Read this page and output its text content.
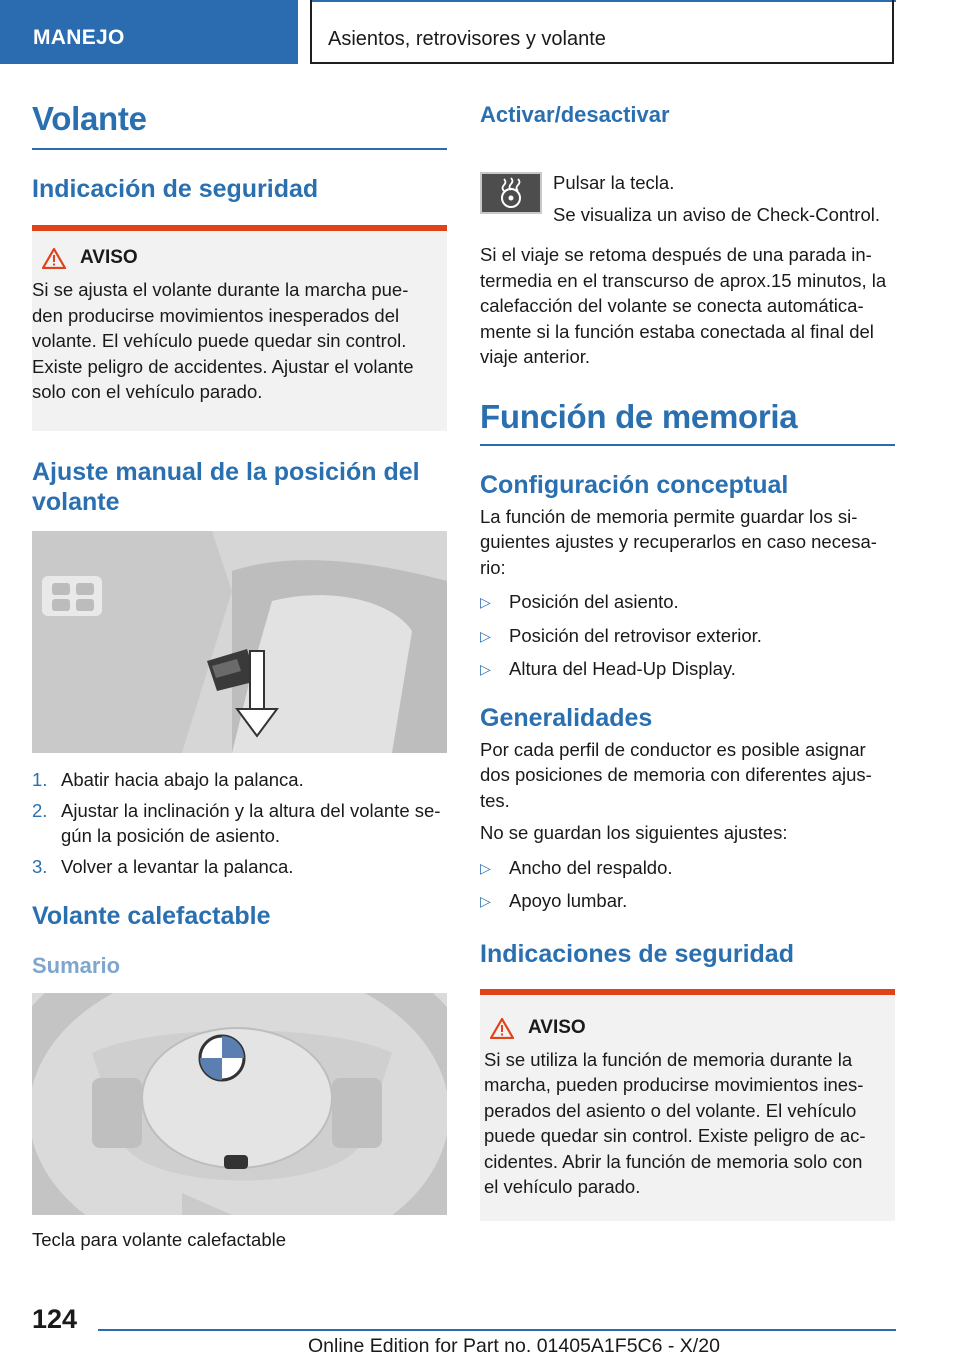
MANEJO	Asientos, retrovisores y volante
Volante
Indicación de seguridad
AVISO

Si se ajusta el volante durante la marcha pueden producirse movimientos inesperados del volante. El vehículo puede quedar sin control. Existe peligro de accidentes. Ajustar el volante solo con el vehículo parado.

Ajuste manual de la posición del volante
1. Abatir hacia abajo la palanca.
2. Ajustar la inclinación y la altura del volante según la posición de asiento.
3. Volver a levantar la palanca.
Volante calefactable
Sumario

Tecla para volante calefactable

Activar/desactivar

Pulsar la tecla.

Se visualiza un aviso de Check-Control.

Si el viaje se retoma después de una parada intermedia en el transcurso de aprox.15 minutos, la calefacción del volante se conecta automáticamente si la función estaba conectada al final del viaje anterior.

Función de memoria
Configuración conceptual

La función de memoria permite guardar los siguientes ajustes y recuperarlos en caso necesario:

▷ Posición del asiento.
▷ Posición del retrovisor exterior.
▷ Altura del Head-Up Display.
Generalidades

Por cada perfil de conductor es posible asignar dos posiciones de memoria con diferentes ajustes.

No se guardan los siguientes ajustes:

▷ Ancho del respaldo.
▷ Apoyo lumbar.
Indicaciones de seguridad
AVISO

Si se utiliza la función de memoria durante la marcha, pueden producirse movimientos inesperados del asiento o del volante. El vehículo puede quedar sin control. Existe peligro de accidentes. Abrir la función de memoria solo con el vehículo parado.

124
Online Edition for Part no. 01405A1F5C6 - X/20
